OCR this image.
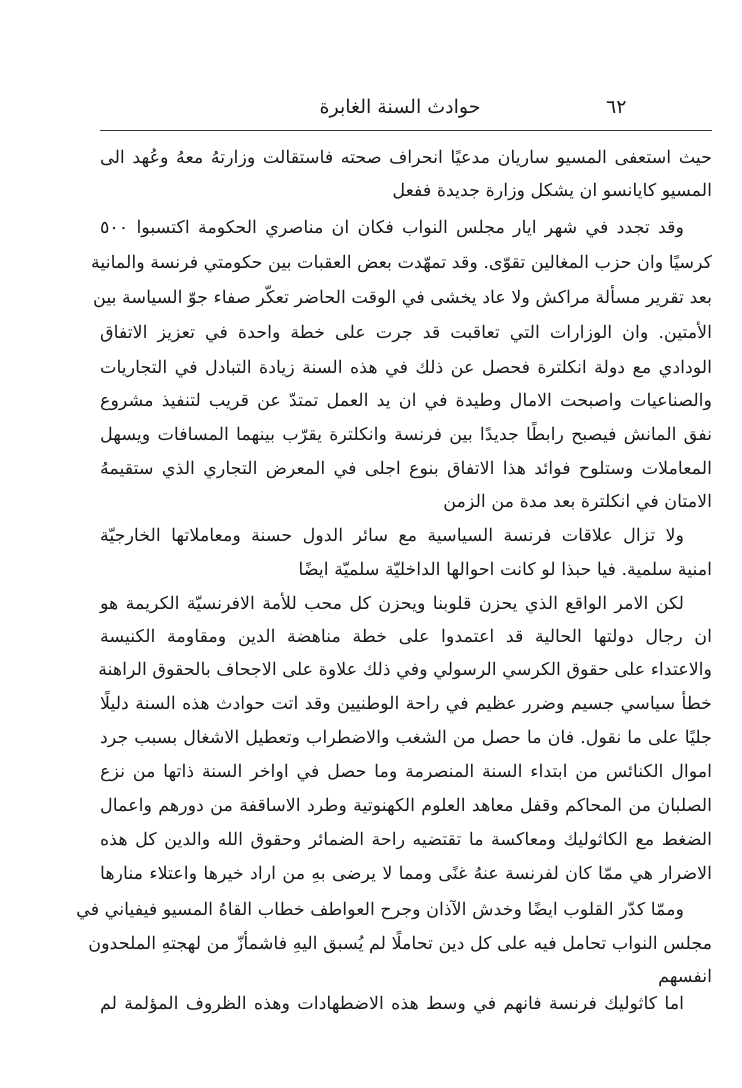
٦٢
حوادث السنة الغابرة
حيث استعفى المسيو ساريان مدعيًا انحراف صحته فاستقالت وزارتهُ معهُ وعُهد الى
المسيو كايانسو ان يشكل وزارة جديدة ففعل
وقد تجدد في شهر ايار مجلس النواب فكان ان مناصري الحكومة اكتسبوا ٥٠٠
كرسيًا وان حزب المغالين تقوّى. وقد تمهّدت بعض العقبات بين حكومتي فرنسة والمانية
بعد تقرير مسألة مراكش ولا عاد يخشى في الوقت الحاضر تعكّر صفاء جوّ السياسة بين
الأمتين. وان الوزارات التي تعاقبت قد جرت على خطة واحدة في تعزيز الاتفاق
الودادي مع دولة انكلترة فحصل عن ذلك في هذه السنة زيادة التبادل في التجاريات
والصناعيات واصبحت الامال وطيدة في ان يد العمل تمتدّ عن قريب لتنفيذ مشروع
نفق المانش فيصبح رابطًا جديدًا بين فرنسة وانكلترة يقرّب بينهما المسافات ويسهل
المعاملات وستلوح فوائد هذا الاتفاق بنوع اجلى في المعرض التجاري الذي ستقيمهُ
الامتان في انكلترة بعد مدة من الزمن
ولا تزال علاقات فرنسة السياسية مع سائر الدول حسنة ومعاملاتها الخارجيّة
امنية سلمية. فيا حبذا لو كانت احوالها الداخليّة سلميّة ايضًا
لكن الامر الواقع الذي يحزن قلوبنا ويحزن كل محب للأمة الافرنسيّة الكريمة هو
ان رجال دولتها الحالية قد اعتمدوا على خطة مناهضة الدين ومقاومة الكنيسة
والاعتداء على حقوق الكرسي الرسولي وفي ذلك علاوة على الاجحاف بالحقوق الراهنة
خطأ سياسي جسيم وضرر عظيم في راحة الوطنيين وقد اتت حوادث هذه السنة دليلًا
جليًا على ما نقول. فان ما حصل من الشغب والاضطراب وتعطيل الاشغال بسبب جرد
اموال الكنائس من ابتداء السنة المنصرمة وما حصل في اواخر السنة ذاتها من نزع
الصلبان من المحاكم وقفل معاهد العلوم الكهنوتية وطرد الاساقفة من دورهم واعمال
الضغط مع الكاثوليك ومعاكسة ما تقتضيه راحة الضمائر وحقوق الله والدين كل هذه
الاضرار هي ممّا كان لفرنسة عنهُ غنًى ومما لا يرضى بهِ من اراد خيرها واعتلاء منارها
وممّا كدّر القلوب ايضًا وخدش الآذان وجرح العواطف خطاب القاهُ المسيو فيفياني في
مجلس النواب تحامل فيه على كل دين تحاملًا لم يُسبق اليهِ فاشمأزّ من لهجتهِ الملحدون
انفسهم
اما كاثوليك فرنسة فانهم في وسط هذه الاضطهادات وهذه الظروف المؤلمة لم
